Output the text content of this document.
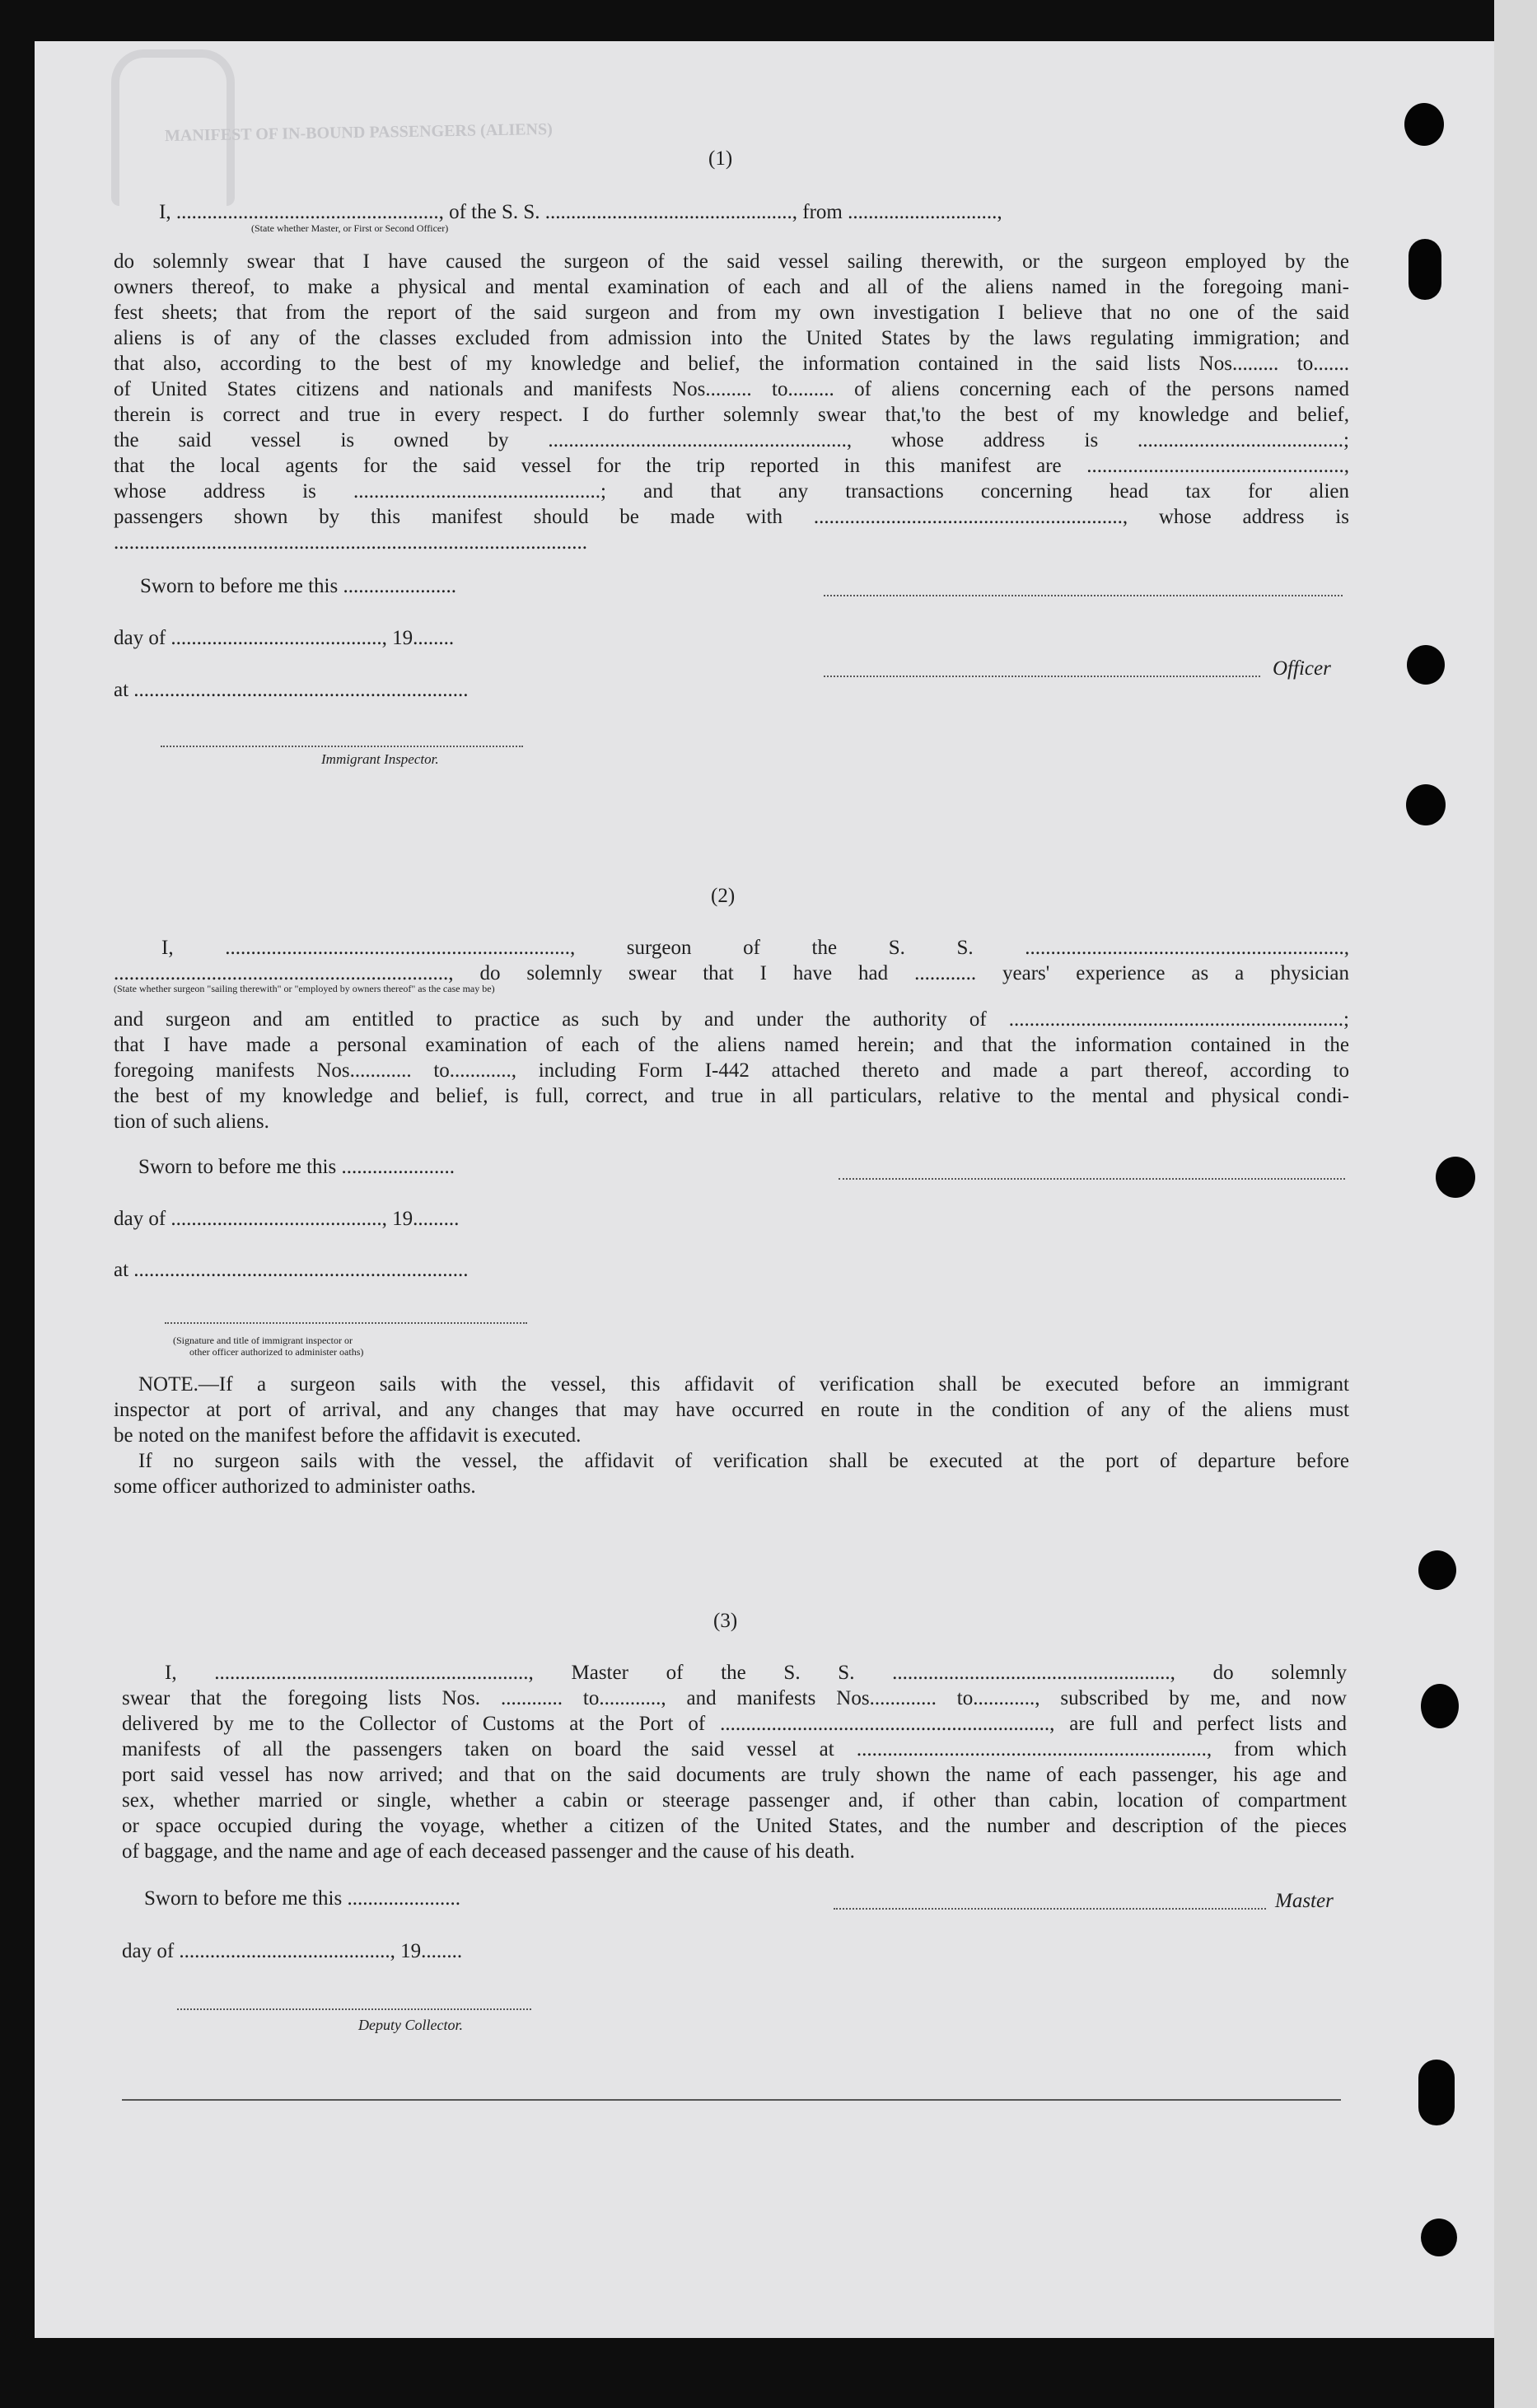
MANIFEST OF IN-BOUND PASSENGERS (ALIENS)
(1)
I, ..................................................., of the S. S. ................................................, from .............................,
(State whether Master, or First or Second Officer)
do solemnly swear that I have caused the surgeon of the said vessel sailing therewith, or the surgeon employed by the
owners thereof, to make a physical and mental examination of each and all of the aliens named in the foregoing mani-
fest sheets; that from the report of the said surgeon and from my own investigation I believe that no one of the said
aliens is of any of the classes excluded from admission into the United States by the laws regulating immigration; and
that also, according to the best of my knowledge and belief, the information contained in the said lists Nos......... to.......
of United States citizens and nationals and manifests Nos......... to......... of aliens concerning each of the persons named
therein is correct and true in every respect. I do further solemnly swear that,'to the best of my knowledge and belief,
the said vessel is owned by .........................................................., whose address is ........................................;
that the local agents for the said vessel for the trip reported in this manifest are ..................................................,
whose address is ................................................; and that any transactions concerning head tax for alien
passengers shown by this manifest should be made with ............................................................, whose address is
............................................................................................
Sworn to before me this ......................
day of ........................................., 19........
Officer
at .................................................................
Immigrant Inspector.
(2)
I, ..................................................................., surgeon of the S. S. ..............................................................,
................................................................., do solemnly swear that I have had ............ years' experience as a physician
(State whether surgeon "sailing therewith" or "employed by owners thereof" as the case may be)
and surgeon and am entitled to practice as such by and under the authority of .................................................................;
that I have made a personal examination of each of the aliens named herein; and that the information contained in the
foregoing manifests Nos............ to............, including Form I-442 attached thereto and made a part thereof, according to
the best of my knowledge and belief, is full, correct, and true in all particulars, relative to the mental and physical condi-
tion of such aliens.
Sworn to before me this ......................
day of ........................................., 19.........
at .................................................................
(Signature and title of immigrant inspector or
other officer authorized to administer oaths)
NOTE.—If a surgeon sails with the vessel, this affidavit of verification shall be executed before an immigrant
inspector at port of arrival, and any changes that may have occurred en route in the condition of any of the aliens must
be noted on the manifest before the affidavit is executed.
If no surgeon sails with the vessel, the affidavit of verification shall be executed at the port of departure before
some officer authorized to administer oaths.
(3)
I, ............................................................., Master of the S. S. ......................................................, do solemnly
swear that the foregoing lists Nos. ............ to............, and manifests Nos............. to............, subscribed by me, and now
delivered by me to the Collector of Customs at the Port of ................................................................, are full and perfect lists and
manifests of all the passengers taken on board the said vessel at ...................................................................., from which
port said vessel has now arrived; and that on the said documents are truly shown the name of each passenger, his age and
sex, whether married or single, whether a cabin or steerage passenger and, if other than cabin, location of compartment
or space occupied during the voyage, whether a citizen of the United States, and the number and description of the pieces
of baggage, and the name and age of each deceased passenger and the cause of his death.
Sworn to before me this ......................	Master
day of ........................................., 19........
Deputy Collector.
